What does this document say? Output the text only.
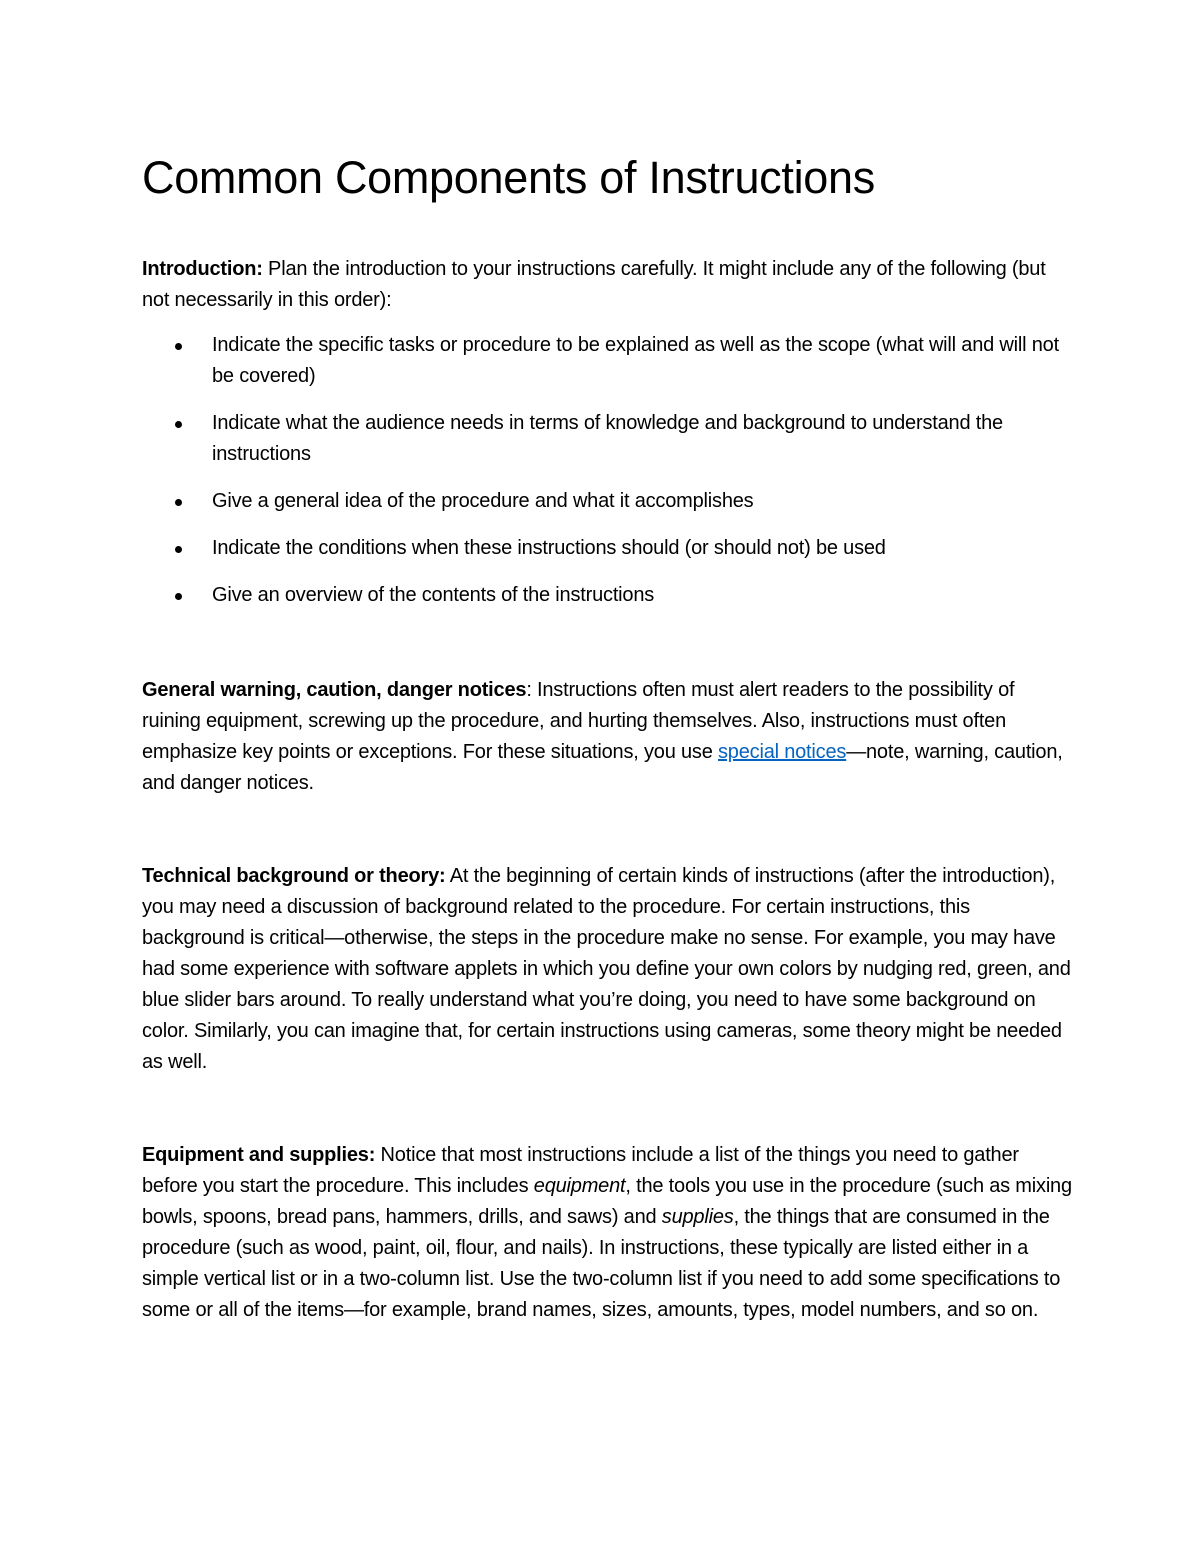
Common Components of Instructions

Introduction: Plan the introduction to your instructions carefully. It might include any of the following (but not necessarily in this order):

Indicate the specific tasks or procedure to be explained as well as the scope (what will and will not be covered)
Indicate what the audience needs in terms of knowledge and background to understand the instructions
Give a general idea of the procedure and what it accomplishes
Indicate the conditions when these instructions should (or should not) be used
Give an overview of the contents of the instructions

General warning, caution, danger notices: Instructions often must alert readers to the possibility of ruining equipment, screwing up the procedure, and hurting themselves. Also, instructions must often emphasize key points or exceptions. For these situations, you use special notices—note, warning, caution, and danger notices.

Technical background or theory: At the beginning of certain kinds of instructions (after the introduction), you may need a discussion of background related to the procedure. For certain instructions, this background is critical—otherwise, the steps in the procedure make no sense. For example, you may have had some experience with software applets in which you define your own colors by nudging red, green, and blue slider bars around. To really understand what you’re doing, you need to have some background on color. Similarly, you can imagine that, for certain instructions using cameras, some theory might be needed as well.

Equipment and supplies: Notice that most instructions include a list of the things you need to gather before you start the procedure. This includes equipment, the tools you use in the procedure (such as mixing bowls, spoons, bread pans, hammers, drills, and saws) and supplies, the things that are consumed in the procedure (such as wood, paint, oil, flour, and nails). In instructions, these typically are listed either in a simple vertical list or in a two-column list. Use the two-column list if you need to add some specifications to some or all of the items—for example, brand names, sizes, amounts, types, model numbers, and so on.
